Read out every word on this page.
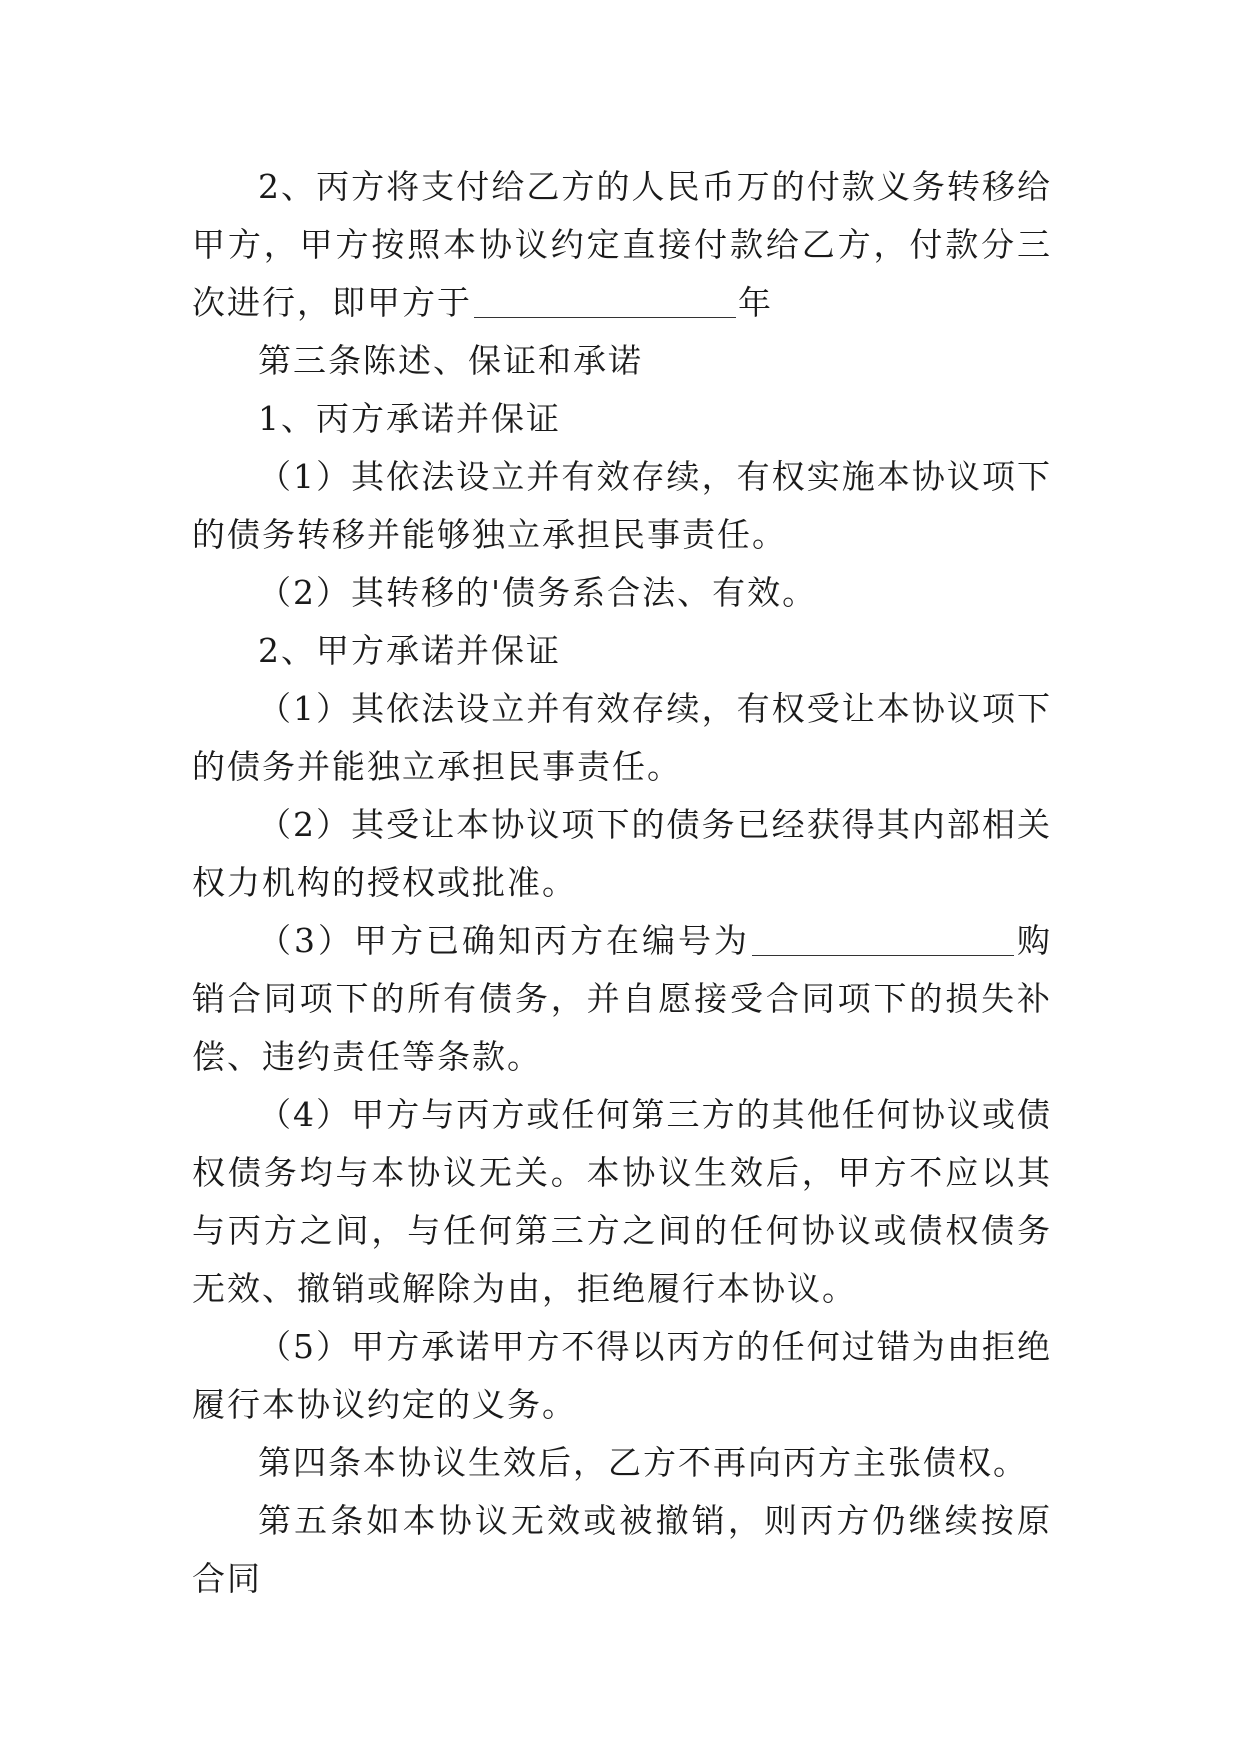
2、丙方将支付给乙方的人民币万的付款义务转移给甲方，甲方按照本协议约定直接付款给乙方，付款分三次进行，即甲方于	年

第三条陈述、保证和承诺

1、丙方承诺并保证

（1）其依法设立并有效存续，有权实施本协议项下的债务转移并能够独立承担民事责任。

（2）其转移的'债务系合法、有效。

2、甲方承诺并保证

（1）其依法设立并有效存续，有权受让本协议项下的债务并能独立承担民事责任。

（2）其受让本协议项下的债务已经获得其内部相关权力机构的授权或批准。

（3）甲方已确知丙方在编号为	购销合同项下的所有债务，并自愿接受合同项下的损失补偿、违约责任等条款。

（4）甲方与丙方或任何第三方的其他任何协议或债权债务均与本协议无关。本协议生效后，甲方不应以其与丙方之间，与任何第三方之间的任何协议或债权债务无效、撤销或解除为由，拒绝履行本协议。

（5）甲方承诺甲方不得以丙方的任何过错为由拒绝履行本协议约定的义务。

第四条本协议生效后，乙方不再向丙方主张债权。

第五条如本协议无效或被撤销，则丙方仍继续按原合同
